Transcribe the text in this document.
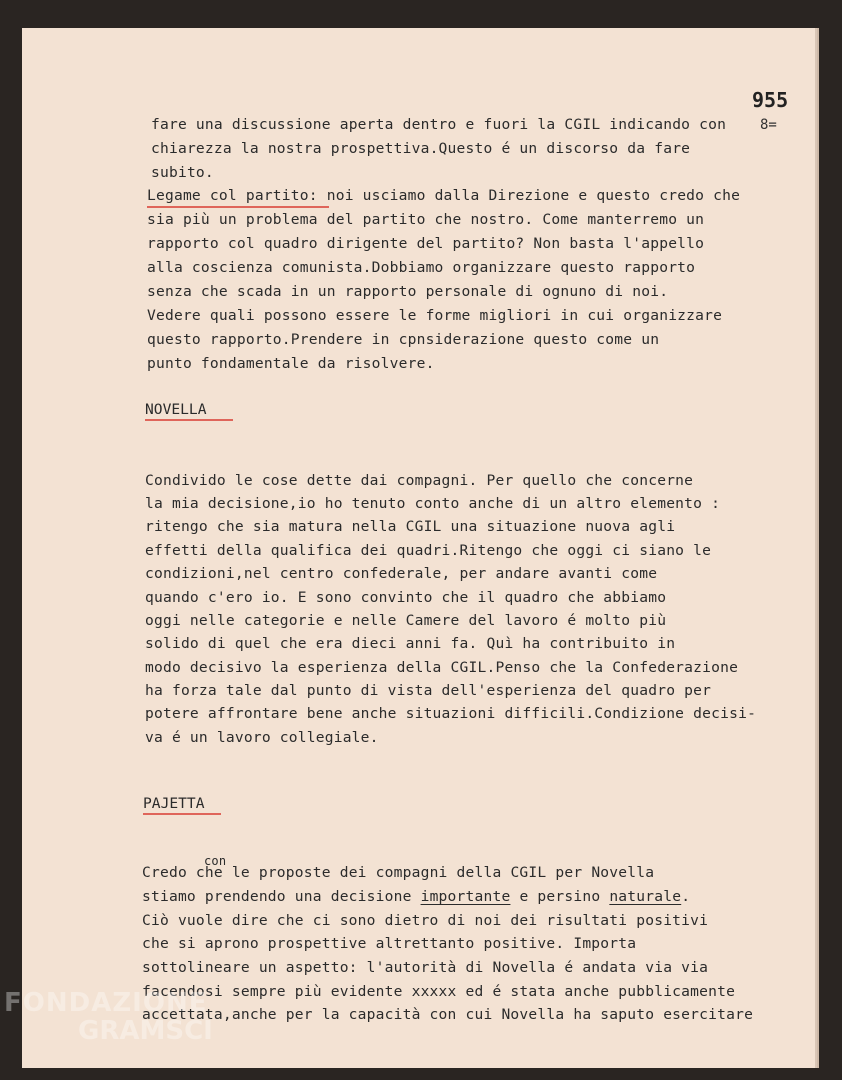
955
8=
fare una discussione aperta dentro e fuori la CGIL indicando con
chiarezza la nostra prospettiva.Questo é un discorso da fare
subito.
Legame col partito: noi usciamo dalla Direzione e questo credo che
sia più un problema del partito che nostro. Come manterremo un
rapporto col quadro dirigente del partito? Non basta l'appello
alla coscienza comunista.Dobbiamo organizzare questo rapporto
senza che scada in un rapporto personale di ognuno di noi.
Vedere quali possono essere le forme migliori in cui organizzare
questo rapporto.Prendere in cpnsiderazione questo come un
punto fondamentale da risolvere.
NOVELLA
Condivido le cose dette dai compagni. Per quello che concerne
la mia decisione,io ho tenuto conto anche di un altro elemento :
ritengo che sia matura nella CGIL una situazione nuova agli
effetti della qualifica dei quadri.Ritengo che oggi ci siano le
condizioni,nel centro confederale, per andare avanti come
quando c'ero io. E sono convinto che il quadro che abbiamo
oggi nelle categorie e nelle Camere del lavoro é molto più
solido di quel che era dieci anni fa. Quì ha contribuito in
modo decisivo la esperienza della CGIL.Penso che la Confederazione
ha forza tale dal punto di vista dell'esperienza del quadro per
potere affrontare bene anche situazioni difficili.Condizione decisi-
va é un lavoro collegiale.
PAJETTA
con
Credo che le proposte dei compagni della CGIL per Novella
stiamo prendendo una decisione importante e persino naturale.
Ciò vuole dire che ci sono dietro di noi dei risultati positivi
che si aprono prospettive altrettanto positive. Importa
sottolineare un aspetto: l'autorità di Novella é andata via via
facendosi sempre più evidente xxxxx ed é stata anche pubblicamente
accettata,anche per la capacità con cui Novella ha saputo esercitare
FONDAZIONE
GRAMSCI
